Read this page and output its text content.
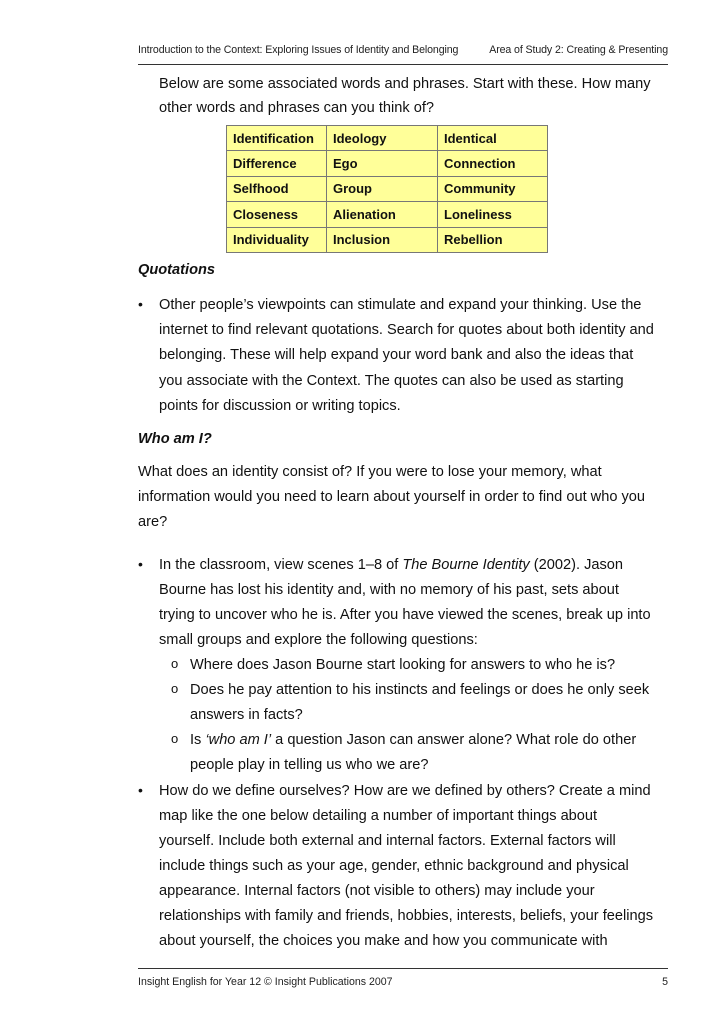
Introduction to the Context: Exploring Issues of Identity and Belonging	Area of Study 2: Creating & Presenting
Below are some associated words and phrases. Start with these. How many
other words and phrases can you think of?
Identification	Ideology	Identical
Difference	Ego	Connection
Selfhood	Group	Community
Closeness	Alienation	Loneliness
Individuality	Inclusion	Rebellion
Quotations
• Other people’s viewpoints can stimulate and expand your thinking. Use the
internet to find relevant quotations. Search for quotes about both identity and
belonging. These will help expand your word bank and also the ideas that
you associate with the Context. The quotes can also be used as starting
points for discussion or writing topics.
Who am I?
What does an identity consist of? If you were to lose your memory, what
information would you need to learn about yourself in order to find out who you
are?
• In the classroom, view scenes 1–8 of The Bourne Identity (2002). Jason
Bourne has lost his identity and, with no memory of his past, sets about
trying to uncover who he is. After you have viewed the scenes, break up into
small groups and explore the following questions:
o Where does Jason Bourne start looking for answers to who he is?
o Does he pay attention to his instincts and feelings or does he only seek
answers in facts?
o Is ‘who am I’ a question Jason can answer alone? What role do other
people play in telling us who we are?
• How do we define ourselves? How are we defined by others? Create a mind
map like the one below detailing a number of important things about
yourself. Include both external and internal factors. External factors will
include things such as your age, gender, ethnic background and physical
appearance. Internal factors (not visible to others) may include your
relationships with family and friends, hobbies, interests, beliefs, your feelings
about yourself, the choices you make and how you communicate with
Insight English for Year 12 © Insight Publications 2007	5
